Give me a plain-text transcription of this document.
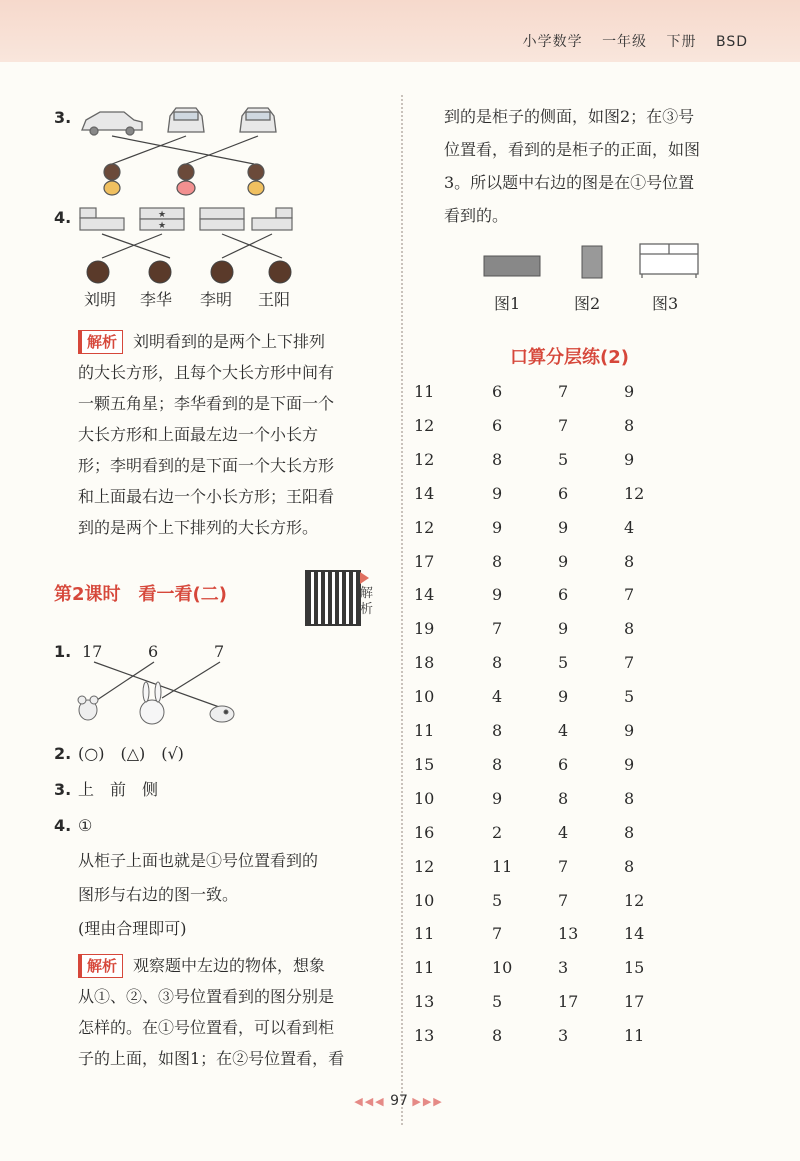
小学数学 一年级 下册 BSD
3.
4.	★
★
刘明 李华 李明 王阳
解析 刘明看到的是两个上下排列
的大长方形，且每个大长方形中间有
一颗五角星；李华看到的是下面一个
大长方形和上面最左边一个小长方
形；李明看到的是下面一个大长方形
和上面最右边一个小长方形；王阳看
到的是两个上下排列的大长方形。
第2课时　看一看(二)	解析
1. 17	6	7
2. (○)　(△)　(√)
3. 上　前　侧
4. ①
从柜子上面也就是①号位置看到的
图形与右边的图一致。
(理由合理即可)
解析 观察题中左边的物体，想象
从①、②、③号位置看到的图分别是
怎样的。在①号位置看，可以看到柜
子的上面，如图1；在②号位置看，看
到的是柜子的侧面，如图2；在③号
位置看，看到的是柜子的正面，如图
3。所以题中右边的图是在①号位置
看到的。
图1	图2	图3
口算分层练(2)
11	6	7	9
12	6	7	8
12	8	5	9
14	9	6	12
12	9	9	4
17	8	9	8
14	9	6	7
19	7	9	8
18	8	5	7
10	4	9	5
11	8	4	9
15	8	6	9
10	9	8	8
16	2	4	8
12	11	7	8
10	5	7	12
11	7	13	14
11	10	3	15
13	5	17	17
13	8	3	11
◀◀◀ 97 ▶▶▶
